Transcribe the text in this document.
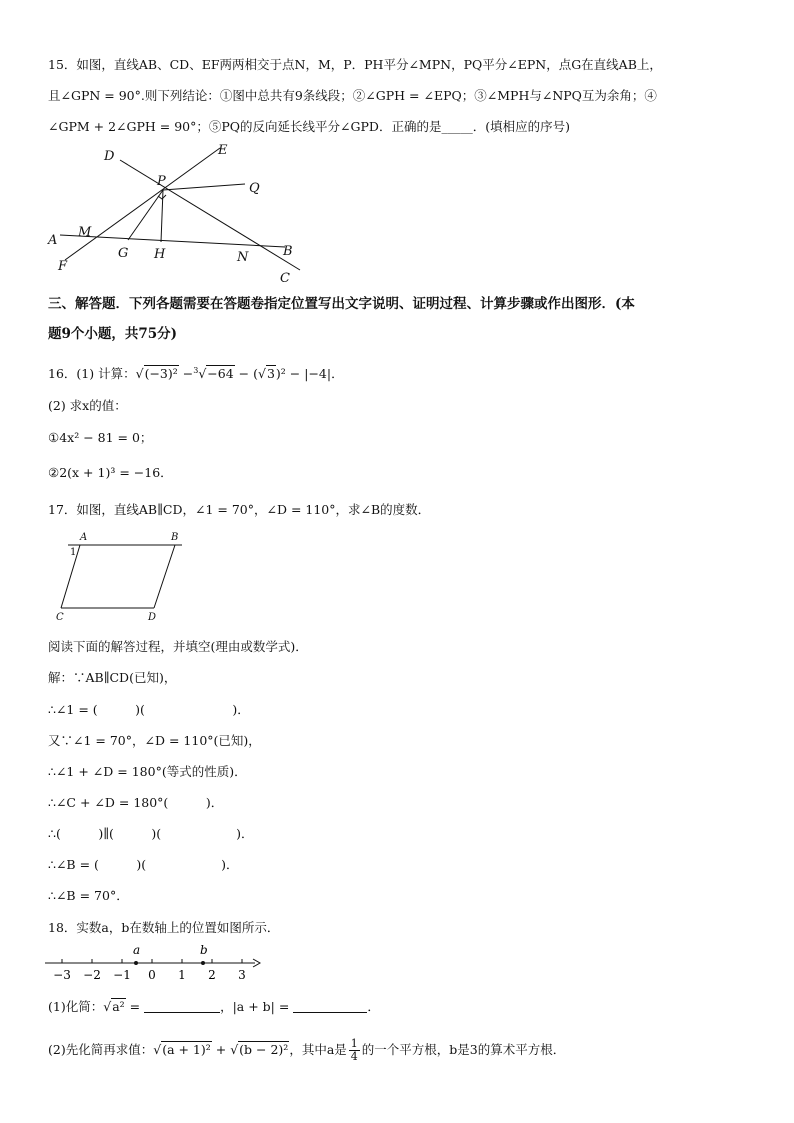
15．如图，直线AB、CD、EF两两相交于点N，M，P．PH平分∠MPN，PQ平分∠EPN，点G在直线AB上，
且∠GPN = 90°.则下列结论：①图中总共有9条线段；②∠GPH = ∠EPQ；③∠MPH与∠NPQ互为余角；④
∠GPM + 2∠GPH = 90°；⑤PQ的反向延长线平分∠GPD．正确的是_____．(填相应的序号)
D	E
P	Q
A
M
B
F
G H	N
C
三、解答题．下列各题需要在答题卷指定位置写出文字说明、证明过程、计算步骤或作出图形．(本
题9个小题，共75分)
16．(1) 计算：√(−3)² −$^3$√−64 − (√3)² − |−4|．
(2) 求x的值：
①4x² − 81 = 0；
②2(x + 1)³ = −16．
17．如图，直线AB∥CD，∠1 = 70°，∠D = 110°，求∠B的度数．
A	B
C	D
1
阅读下面的解答过程，并填空(理由或数学式)．
解：∵AB∥CD(已知)，
∴∠1 = (　　　)(　　　　　　　)．
又∵∠1 = 70°，∠D = 110°(已知)，
∴∠1 + ∠D = 180°(等式的性质)．
∴∠C + ∠D = 180°(　　　)．
∴(　　　)∥(　　　)(　　　　　　)．
∴∠B = (　　　)(　　　　　　)．
∴∠B = 70°．
18．实数a，b在数轴上的位置如图所示．
−3 −2 −1 0 1 2 3
a	b
(1)化简：√a² =	，|a + b| =	．
(2)先化简再求值：√(a + 1)² + √(b − 2)²，其中a是 $\frac{1}{4}$ 的一个平方根，b是3的算术平方根．
